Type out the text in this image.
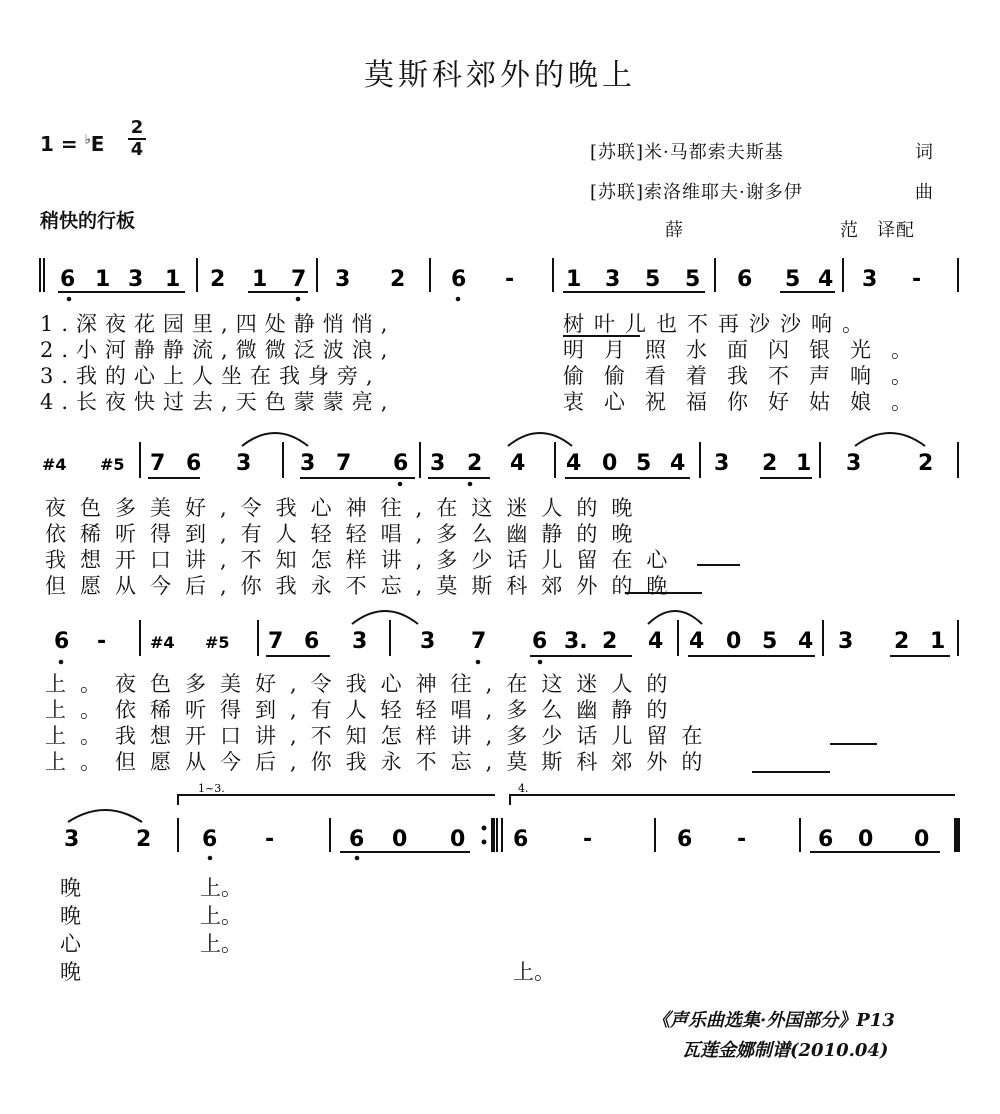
莫斯科郊外的晚上
1 = ♭E
2
4
稍快的行板
[苏联]米·马都索夫斯基	词
[苏联]索洛维耶夫·谢多伊	曲
薛	范 译配
6 1 3 1 2 1 7 3 2 6 - 1 3 5 5 6 5 4 3 -
#4 #5 7 6 3 3 7 6 3 2 4 4 0 5 4 3 2 1 3	2
6 -	#4 #5 7 6 3 3 7 6 3. 2 4 4 0 5 4 3 2 1
3	2 6 -	6 0 0 6 -	6 -	6 0 0
1~3.	4.
1.深夜花园里,四处静悄悄,
2.小河静静流,微微泛波浪,
3.我的心上人坐在我身旁,
4.长夜快过去,天色蒙蒙亮,
树叶儿也不再沙沙响。
明月照水面闪银光。
偷偷看着我不声响。
衷心祝福你好姑娘。
夜色多美好,令我心神往,在这迷人的晚
依稀听得到,有人轻轻唱,多么幽静的晚
我想开口讲,不知怎样讲,多少话儿留在心
但愿从今后,你我永不忘,莫斯科郊外的晚
上。夜色多美好,令我心神往,在这迷人的
上。依稀听得到,有人轻轻唱,多么幽静的
上。我想开口讲,不知怎样讲,多少话儿留在
上。但愿从今后,你我永不忘,莫斯科郊外的
晚
晚
心
晚
上。
上。
上。
上。
《声乐曲选集·外国部分》P13
瓦莲金娜制谱(2010.04)
